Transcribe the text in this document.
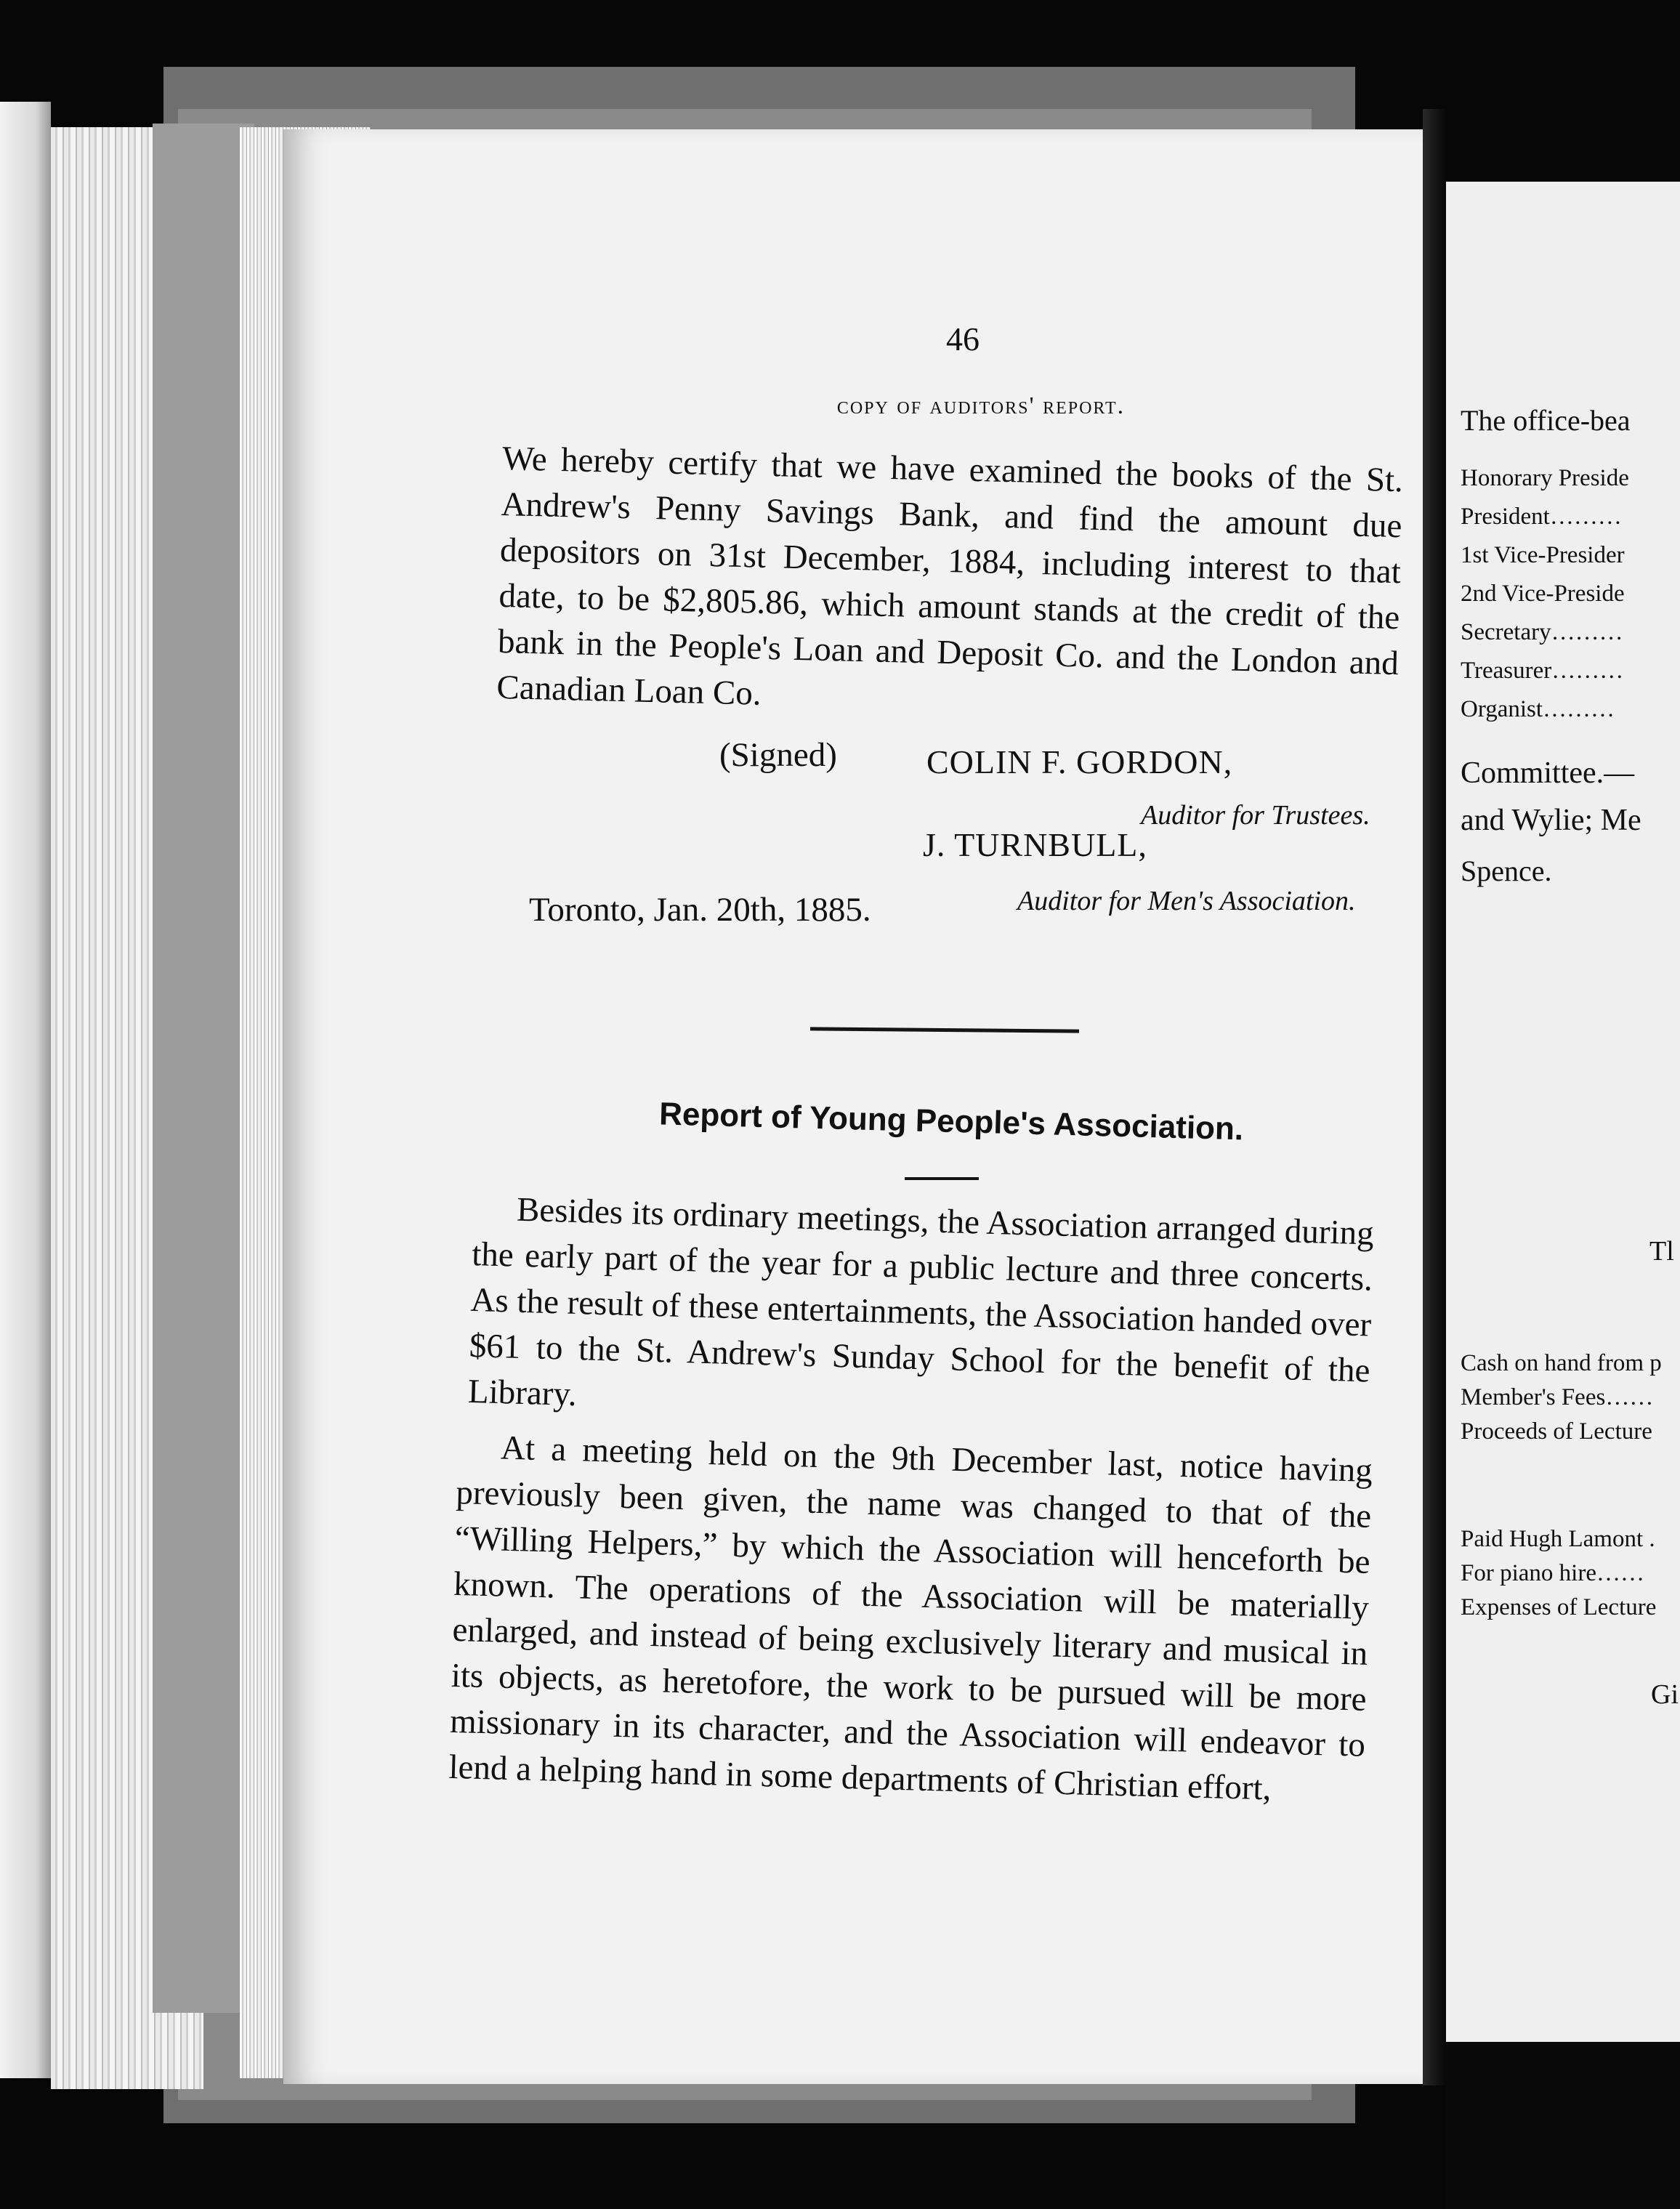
46
copy of auditors' report.
We hereby certify that we have examined the books of the St. Andrew's Penny Savings Bank, and find the amount due depositors on 31st December, 1884, including interest to that date, to be $2,805.86, which amount stands at the credit of the bank in the People's Loan and Deposit Co. and the London and Canadian Loan Co.
(Signed)	COLIN F. GORDON,
Auditor for Trustees.
J. TURNBULL,
Auditor for Men's Association.
Toronto, Jan. 20th, 1885.
Report of Young People's Association.
Besides its ordinary meetings, the Association arranged during the early part of the year for a public lecture and three concerts. As the result of these entertainments, the Association handed over $61 to the St. Andrew's Sunday School for the benefit of the Library.
At a meeting held on the 9th December last, notice having previously been given, the name was changed to that of the “Willing Helpers,” by which the Association will henceforth be known. The operations of the Association will be materially enlarged, and instead of being exclusively literary and musical in its objects, as heretofore, the work to be pursued will be more missionary in its character, and the Association will endeavor to lend a helping hand in some departments of Christian effort,
The office-bea
Honorary Preside
President………
1st Vice-Presider
2nd Vice-Preside
Secretary………
Treasurer………
Organist………
Committee.—
and Wylie; Me
Spence.
Tl
Cash on hand from p
Member's Fees……
Proceeds of Lecture
Paid Hugh Lamont .
For piano hire……
Expenses of Lecture
Gi
